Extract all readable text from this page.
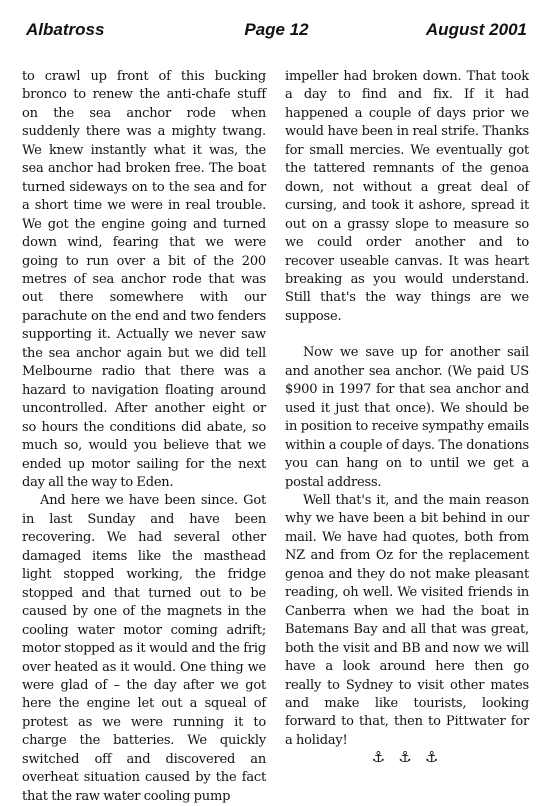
Page 12
Albatross	August 2001

to crawl up front of this bucking bronco to renew the anti-chafe stuff on the sea anchor rode when suddenly there was a mighty twang. We knew instantly what it was, the sea anchor had broken free. The boat turned sideways on to the sea and for a short time we were in real trouble. We got the engine going and turned down wind, fearing that we were going to run over a bit of the 200 metres of sea anchor rode that was out there somewhere with our parachute on the end and two fenders supporting it. Actually we never saw the sea anchor again but we did tell Melbourne radio that there was a hazard to navigation floating around uncontrolled. After another eight or so hours the conditions did abate, so much so, would you believe that we ended up motor sailing for the next day all the way to Eden.

And here we have been since. Got in last Sunday and have been recovering. We had several other damaged items like the masthead light stopped working, the fridge stopped and that turned out to be caused by one of the magnets in the cooling water motor coming adrift; motor stopped as it would and the frig over heated as it would. One thing we were glad of – the day after we got here the engine let out a squeal of protest as we were running it to charge the batteries. We quickly switched off and discovered an overheat situation caused by the fact that the raw water cooling pump

impeller had broken down. That took a day to find and fix. If it had happened a couple of days prior we would have been in real strife. Thanks for small mercies. We eventually got the tattered remnants of the genoa down, not without a great deal of cursing, and took it ashore, spread it out on a grassy slope to measure so we could order another and to recover useable canvas. It was heart breaking as you would understand. Still that's the way things are we suppose.

Now we save up for another sail and another sea anchor. (We paid US $900 in 1997 for that sea anchor and used it just that once). We should be in position to receive sympathy emails within a couple of days. The donations you can hang on to until we get a postal address.

Well that's it, and the main reason why we have been a bit behind in our mail. We have had quotes, both from NZ and from Oz for the replacement genoa and they do not make pleasant reading, oh well. We visited friends in Canberra when we had the boat in Batemans Bay and all that was great, both the visit and BB and now we will have a look around here then go really to Sydney to visit other mates and make like tourists, looking forward to that, then to Pittwater for a holiday!

⚓ ⚓ ⚓
